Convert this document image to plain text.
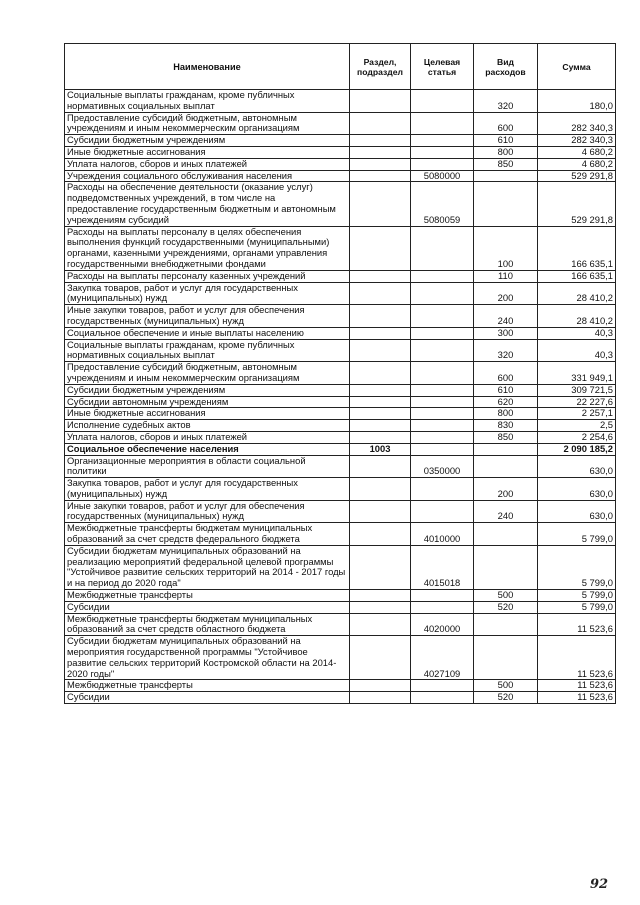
Наименование	Раздел, подраздел	Целевая статья	Вид расходов	Сумма
Социальные выплаты гражданам, кроме публичных нормативных социальных выплат			320	180,0
Предоставление субсидий бюджетным, автономным учреждениям и иным некоммерческим организациям			600	282 340,3
Субсидии бюджетным учреждениям			610	282 340,3
Иные бюджетные ассигнования			800	4 680,2
Уплата налогов, сборов и иных платежей			850	4 680,2
Учреждения социального обслуживания населения		5080000		529 291,8
Расходы на обеспечение деятельности (оказание услуг) подведомственных учреждений, в том числе на предоставление государственным бюджетным и автономным учреждениям субсидий		5080059		529 291,8
Расходы на выплаты персоналу в целях обеспечения выполнения функций государственными (муниципальными) органами, казенными учреждениями, органами управления государственными внебюджетными фондами			100	166 635,1
Расходы на выплаты персоналу казенных учреждений			110	166 635,1
Закупка товаров, работ и услуг для государственных (муниципальных) нужд			200	28 410,2
Иные закупки товаров, работ и услуг для обеспечения государственных (муниципальных) нужд			240	28 410,2
Социальное обеспечение и иные выплаты населению			300	40,3
Социальные выплаты гражданам, кроме публичных нормативных социальных выплат			320	40,3
Предоставление субсидий бюджетным, автономным учреждениям и иным некоммерческим организациям			600	331 949,1
Субсидии бюджетным учреждениям			610	309 721,5
Субсидии автономным учреждениям			620	22 227,6
Иные бюджетные ассигнования			800	2 257,1
Исполнение судебных актов			830	2,5
Уплата налогов, сборов и иных платежей			850	2 254,6
Социальное обеспечение населения	1003			2 090 185,2
Организационные мероприятия в области социальной политики		0350000		630,0
Закупка товаров, работ и услуг для государственных (муниципальных) нужд			200	630,0
Иные закупки товаров, работ и услуг для обеспечения государственных (муниципальных) нужд			240	630,0
Межбюджетные трансферты бюджетам муниципальных образований за счет средств федерального бюджета		4010000		5 799,0
Субсидии бюджетам муниципальных образований на реализацию мероприятий федеральной целевой программы "Устойчивое развитие сельских территорий на 2014 - 2017 годы и на период до 2020 года"		4015018		5 799,0
Межбюджетные трансферты			500	5 799,0
Субсидии			520	5 799,0
Межбюджетные трансферты бюджетам муниципальных образований за счет средств областного бюджета		4020000		11 523,6
Субсидии бюджетам муниципальных образований на мероприятия государственной программы "Устойчивое развитие сельских территорий Костромской области на 2014-2020 годы"		4027109		11 523,6
Межбюджетные трансферты			500	11 523,6
Субсидии			520	11 523,6
92
